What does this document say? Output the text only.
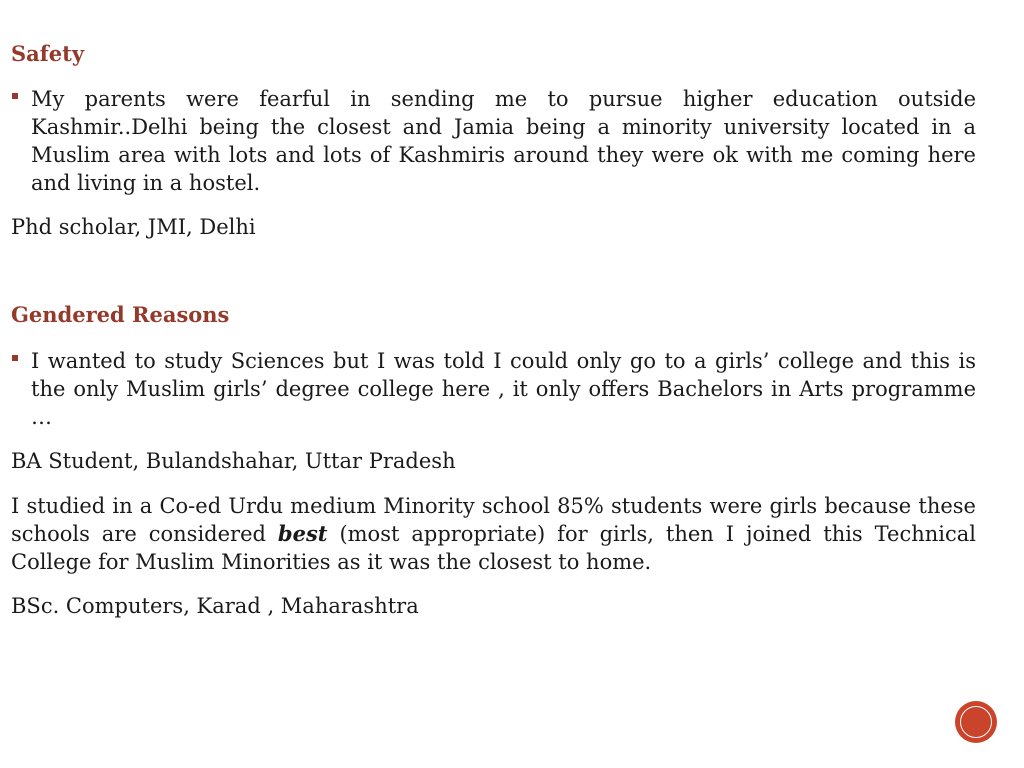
Safety
My parents were fearful in sending me to pursue higher education outside Kashmir..Delhi being the closest and Jamia being a minority university located in a Muslim area with lots and lots of Kashmiris around they were ok with me coming here and living in a hostel.

Phd scholar, JMI, Delhi

Gendered Reasons
I wanted to study Sciences but I was told I could only go to a girls’ college and this is the only Muslim girls’ degree college here , it only offers Bachelors in Arts programme …

BA Student, Bulandshahar, Uttar Pradesh

I studied in a Co-ed Urdu medium Minority school 85% students were girls because these schools are considered best (most appropriate) for girls, then I joined this Technical College for Muslim Minorities as it was the closest to home.

BSc. Computers, Karad , Maharashtra
